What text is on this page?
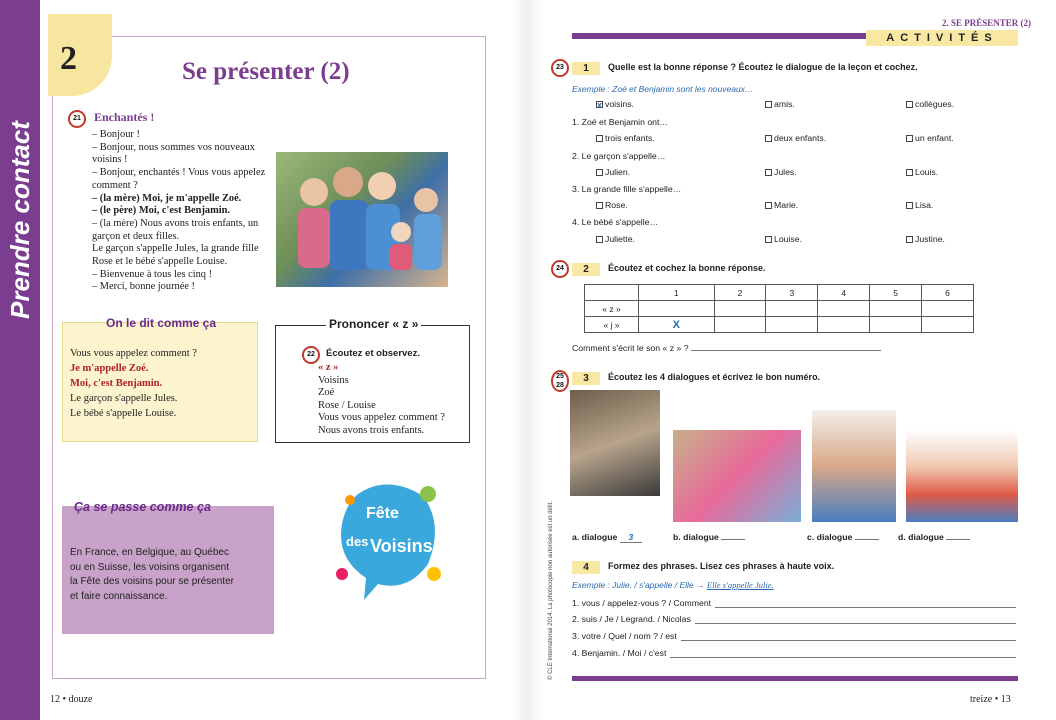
Prendre contact
2	Se présenter (2)
21	Enchantés !
– Bonjour !
– Bonjour, nous sommes vos nouveaux voisins !
– Bonjour, enchantés ! Vous vous appelez comment ?
– (la mère) Moi, je m'appelle Zoé.
– (le père) Moi, c'est Benjamin.
– (la mère) Nous avons trois enfants, un garçon et deux filles.
Le garçon s'appelle Jules, la grande fille Rose et le bébé s'appelle Louise.
– Bienvenue à tous les cinq !
– Merci, bonne journée !
On le dit comme ça
Vous vous appelez comment ?
Je m'appelle Zoé.
Moi, c'est Benjamin.
Le garçon s'appelle Jules.
Le bébé s'appelle Louise.
Prononcer « z »
22	Écoutez et observez.
« z »
Voisins
Zoé
Rose / Louise
Vous vous appelez comment ?
Nous avons trois enfants.
Ça se passe comme ça
En France, en Belgique, au Québec
ou en Suisse, les voisins organisent
la Fête des voisins pour se présenter
et faire connaissance.
Fête
des Voisins
12 • douze
2. SE PRÉSENTER (2)
ACTIVITÉS
23	1	Quelle est la bonne réponse ? Écoutez le dialogue de la leçon et cochez.
Exemple : Zoé et Benjamin sont les nouveaux…
x voisins.	amis.	collègues.
1. Zoé et Benjamin ont…
trois enfants.	deux enfants.	un enfant.
2. Le garçon s'appelle…
Julien.	Jules.	Louis.
3. La grande fille s'appelle…
Rose.	Marie.	Lisa.
4. Le bébé s'appelle…
Juliette.	Louise.	Justine.
24	2	Écoutez et cochez la bonne réponse.
	1	2	3	4	5	6
« z »						
« j »	X					
Comment s'écrit le son « z » ?
25
28
3	Écoutez les 4 dialogues et écrivez le bon numéro.
a. dialogue 3	b. dialogue	c. dialogue	d. dialogue
4	Formez des phrases. Lisez ces phrases à haute voix.
Exemple : Julie. / s'appelle / Elle → Elle s'appelle Julie.
1. vous / appelez-vous ? / Comment
2. suis / Je / Legrand. / Nicolas
3. votre / Quel / nom ? / est
4. Benjamin. / Moi / c'est
© CLE International 2014. La photocopie non autorisée est un délit.
treize • 13
